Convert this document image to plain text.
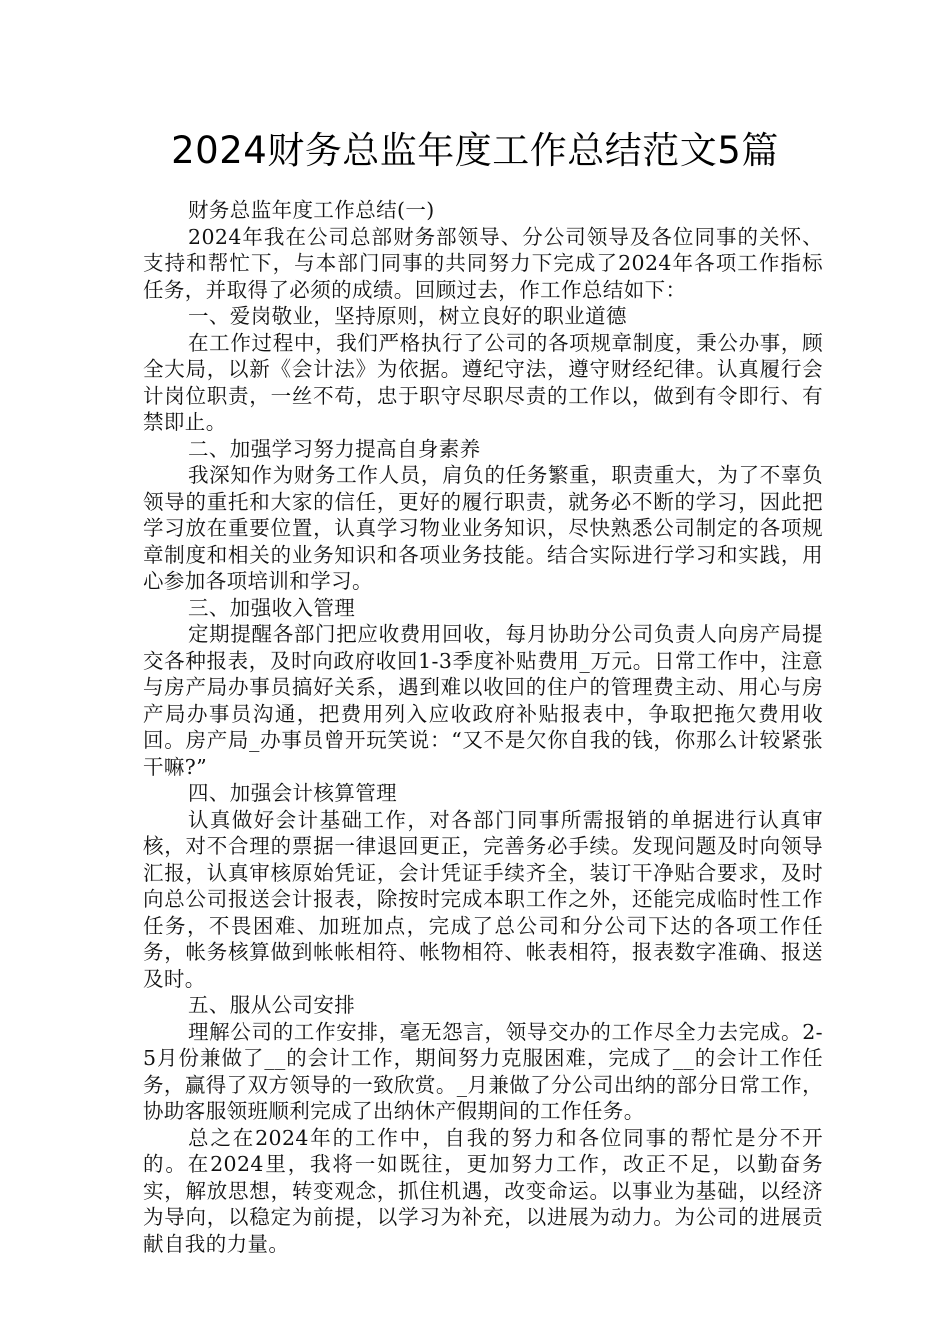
2024财务总监年度工作总结范文5篇

财务总监年度工作总结(一)

2024年我在公司总部财务部领导、分公司领导及各位同事的关怀、支持和帮忙下，与本部门同事的共同努力下完成了2024年各项工作指标任务，并取得了必须的成绩。回顾过去，作工作总结如下：

一、爱岗敬业，坚持原则，树立良好的职业道德

在工作过程中，我们严格执行了公司的各项规章制度，秉公办事，顾全大局，以新《会计法》为依据。遵纪守法，遵守财经纪律。认真履行会计岗位职责，一丝不苟，忠于职守尽职尽责的工作以，做到有令即行、有禁即止。

二、加强学习努力提高自身素养

我深知作为财务工作人员，肩负的任务繁重，职责重大，为了不辜负领导的重托和大家的信任，更好的履行职责，就务必不断的学习，因此把学习放在重要位置，认真学习物业业务知识，尽快熟悉公司制定的各项规章制度和相关的业务知识和各项业务技能。结合实际进行学习和实践，用心参加各项培训和学习。

三、加强收入管理

定期提醒各部门把应收费用回收，每月协助分公司负责人向房产局提交各种报表，及时向政府收回1-3季度补贴费用_万元。日常工作中，注意与房产局办事员搞好关系，遇到难以收回的住户的管理费主动、用心与房产局办事员沟通，把费用列入应收政府补贴报表中，争取把拖欠费用收回。房产局_办事员曾开玩笑说：“又不是欠你自我的钱，你那么计较紧张干嘛?”

四、加强会计核算管理

认真做好会计基础工作，对各部门同事所需报销的单据进行认真审核，对不合理的票据一律退回更正，完善务必手续。发现问题及时向领导汇报，认真审核原始凭证，会计凭证手续齐全，装订干净贴合要求，及时向总公司报送会计报表，除按时完成本职工作之外，还能完成临时性工作任务，不畏困难、加班加点，完成了总公司和分公司下达的各项工作任务，帐务核算做到帐帐相符、帐物相符、帐表相符，报表数字准确、报送及时。

五、服从公司安排

理解公司的工作安排，毫无怨言，领导交办的工作尽全力去完成。2-5月份兼做了__的会计工作，期间努力克服困难，完成了__的会计工作任务，赢得了双方领导的一致欣赏。_月兼做了分公司出纳的部分日常工作，协助客服领班顺利完成了出纳休产假期间的工作任务。

总之在2024年的工作中，自我的努力和各位同事的帮忙是分不开的。在2024里，我将一如既往，更加努力工作，改正不足，以勤奋务实，解放思想，转变观念，抓住机遇，改变命运。以事业为基础，以经济为导向，以稳定为前提，以学习为补充，以进展为动力。为公司的进展贡献自我的力量。
